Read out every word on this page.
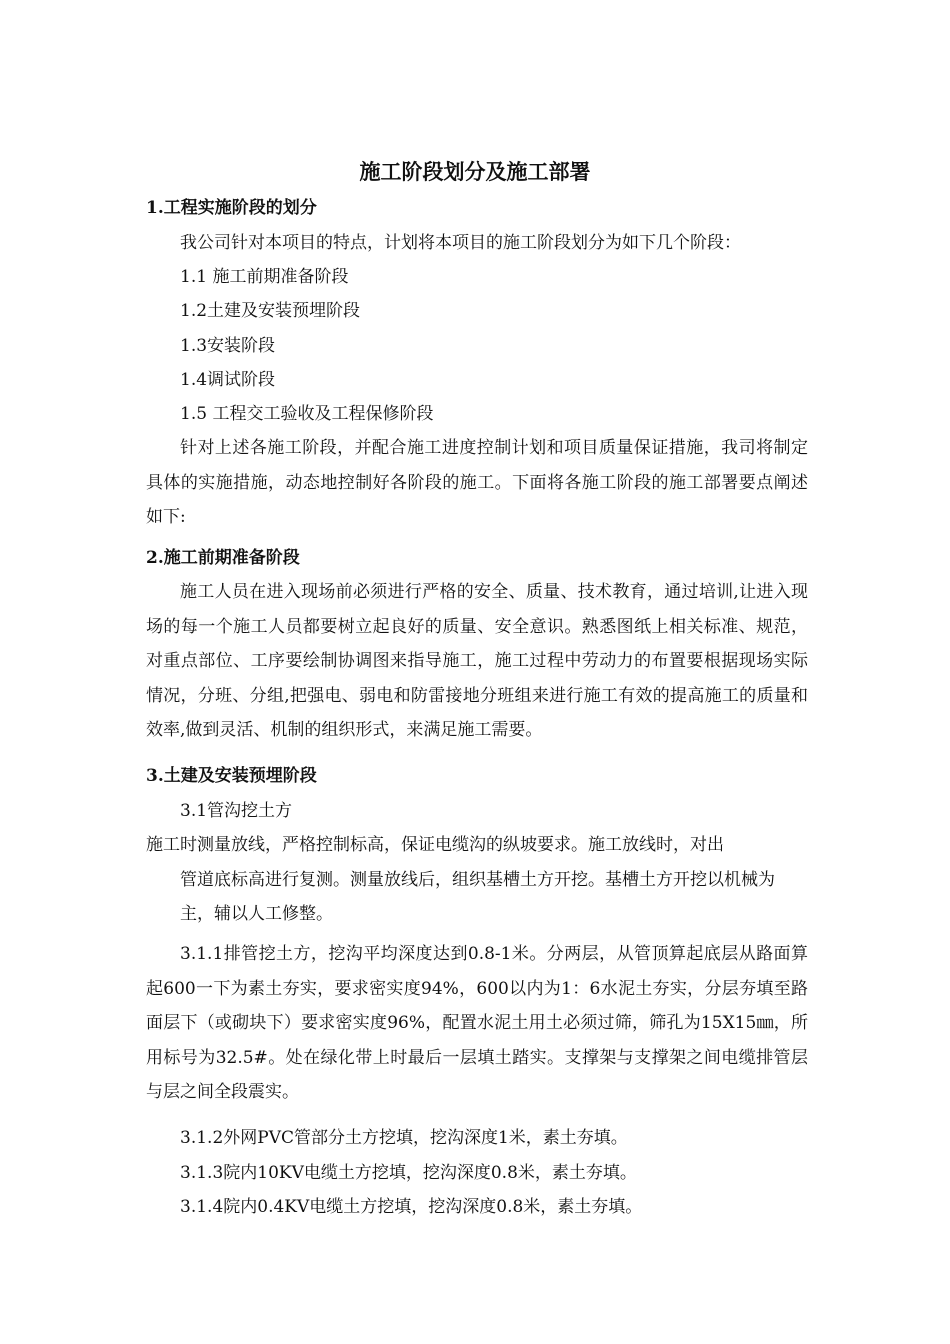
施工阶段划分及施工部署
1.工程实施阶段的划分
我公司针对本项目的特点，计划将本项目的施工阶段划分为如下几个阶段：
1.1 施工前期准备阶段
1.2土建及安装预埋阶段
1.3安装阶段
1.4调试阶段
1.5 工程交工验收及工程保修阶段

针对上述各施工阶段，并配合施工进度控制计划和项目质量保证措施，我司将制定具体的实施措施，动态地控制好各阶段的施工。下面将各施工阶段的施工部署要点阐述如下:

2.施工前期准备阶段

施工人员在进入现场前必须进行严格的安全、质量、技术教育，通过培训,让进入现场的每一个施工人员都要树立起良好的质量、安全意识。熟悉图纸上相关标准、规范，对重点部位、工序要绘制协调图来指导施工，施工过程中劳动力的布置要根据现场实际情况，分班、分组,把强电、弱电和防雷接地分班组来进行施工有效的提高施工的质量和效率,做到灵活、机制的组织形式，来满足施工需要。

3.土建及安装预埋阶段
3.1管沟挖土方
施工时测量放线，严格控制标高，保证电缆沟的纵坡要求。施工放线时，对出
管道底标高进行复测。测量放线后，组织基槽土方开挖。基槽土方开挖以机械为主，辅以人工修整。

3.1.1排管挖土方，挖沟平均深度达到0.8-1米。分两层，从管顶算起底层从路面算起600一下为素土夯实，要求密实度94%，600以内为1：6水泥土夯实，分层夯填至路面层下（或砌块下）要求密实度96%，配置水泥土用土必须过筛，筛孔为15X15㎜，所用标号为32.5#。处在绿化带上时最后一层填土踏实。支撑架与支撑架之间电缆排管层与层之间全段震实。

3.1.2外网PVC管部分土方挖填，挖沟深度1米，素土夯填。
3.1.3院内10KV电缆土方挖填，挖沟深度0.8米，素土夯填。
3.1.4院内0.4KV电缆土方挖填，挖沟深度0.8米，素土夯填。
